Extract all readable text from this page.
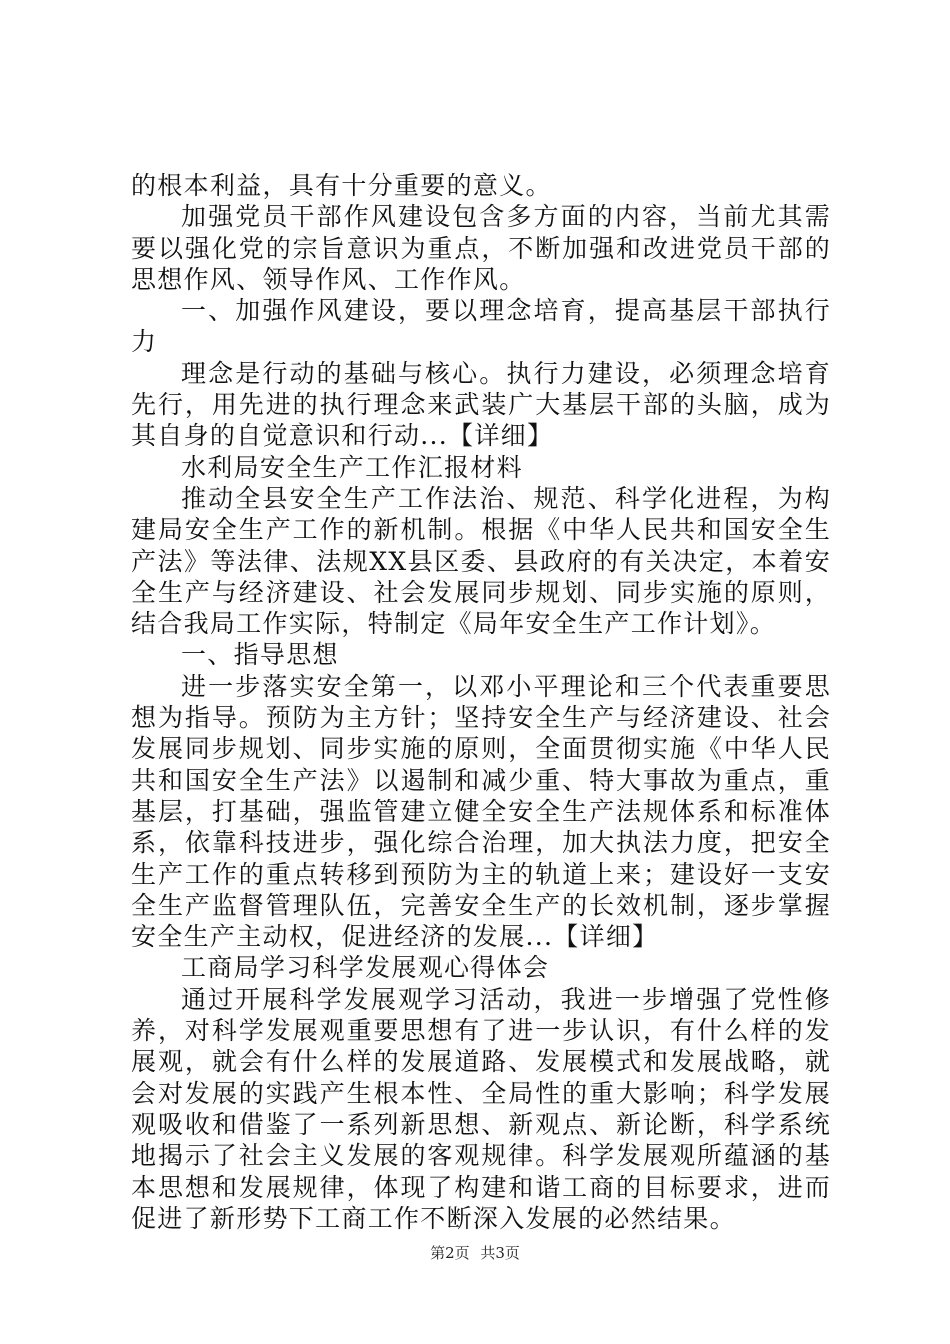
的根本利益，具有十分重要的意义。

加强党员干部作风建设包含多方面的内容，当前尤其需要以强化党的宗旨意识为重点，不断加强和改进党员干部的思想作风、领导作风、工作作风。

一、加强作风建设，要以理念培育，提高基层干部执行力

理念是行动的基础与核心。执行力建设，必须理念培育先行，用先进的执行理念来武装广大基层干部的头脑，成为其自身的自觉意识和行动...【详细】

水利局安全生产工作汇报材料

推动全县安全生产工作法治、规范、科学化进程，为构建局安全生产工作的新机制。根据《中华人民共和国安全生产法》等法律、法规XX县区委、县政府的有关决定，本着安全生产与经济建设、社会发展同步规划、同步实施的原则，结合我局工作实际，特制定《局年安全生产工作计划》。

一、指导思想

进一步落实安全第一，以邓小平理论和三个代表重要思想为指导。预防为主方针；坚持安全生产与经济建设、社会发展同步规划、同步实施的原则，全面贯彻实施《中华人民共和国安全生产法》以遏制和减少重、特大事故为重点，重基层，打基础，强监管建立健全安全生产法规体系和标准体系，依靠科技进步，强化综合治理，加大执法力度，把安全生产工作的重点转移到预防为主的轨道上来；建设好一支安全生产监督管理队伍，完善安全生产的长效机制，逐步掌握安全生产主动权，促进经济的发展...【详细】

工商局学习科学发展观心得体会

通过开展科学发展观学习活动，我进一步增强了党性修养，对科学发展观重要思想有了进一步认识，有什么样的发展观，就会有什么样的发展道路、发展模式和发展战略，就会对发展的实践产生根本性、全局性的重大影响；科学发展观吸收和借鉴了一系列新思想、新观点、新论断，科学系统地揭示了社会主义发展的客观规律。科学发展观所蕴涵的基本思想和发展规律，体现了构建和谐工商的目标要求，进而促进了新形势下工商工作不断深入发展的必然结果。

第2页 共3页
